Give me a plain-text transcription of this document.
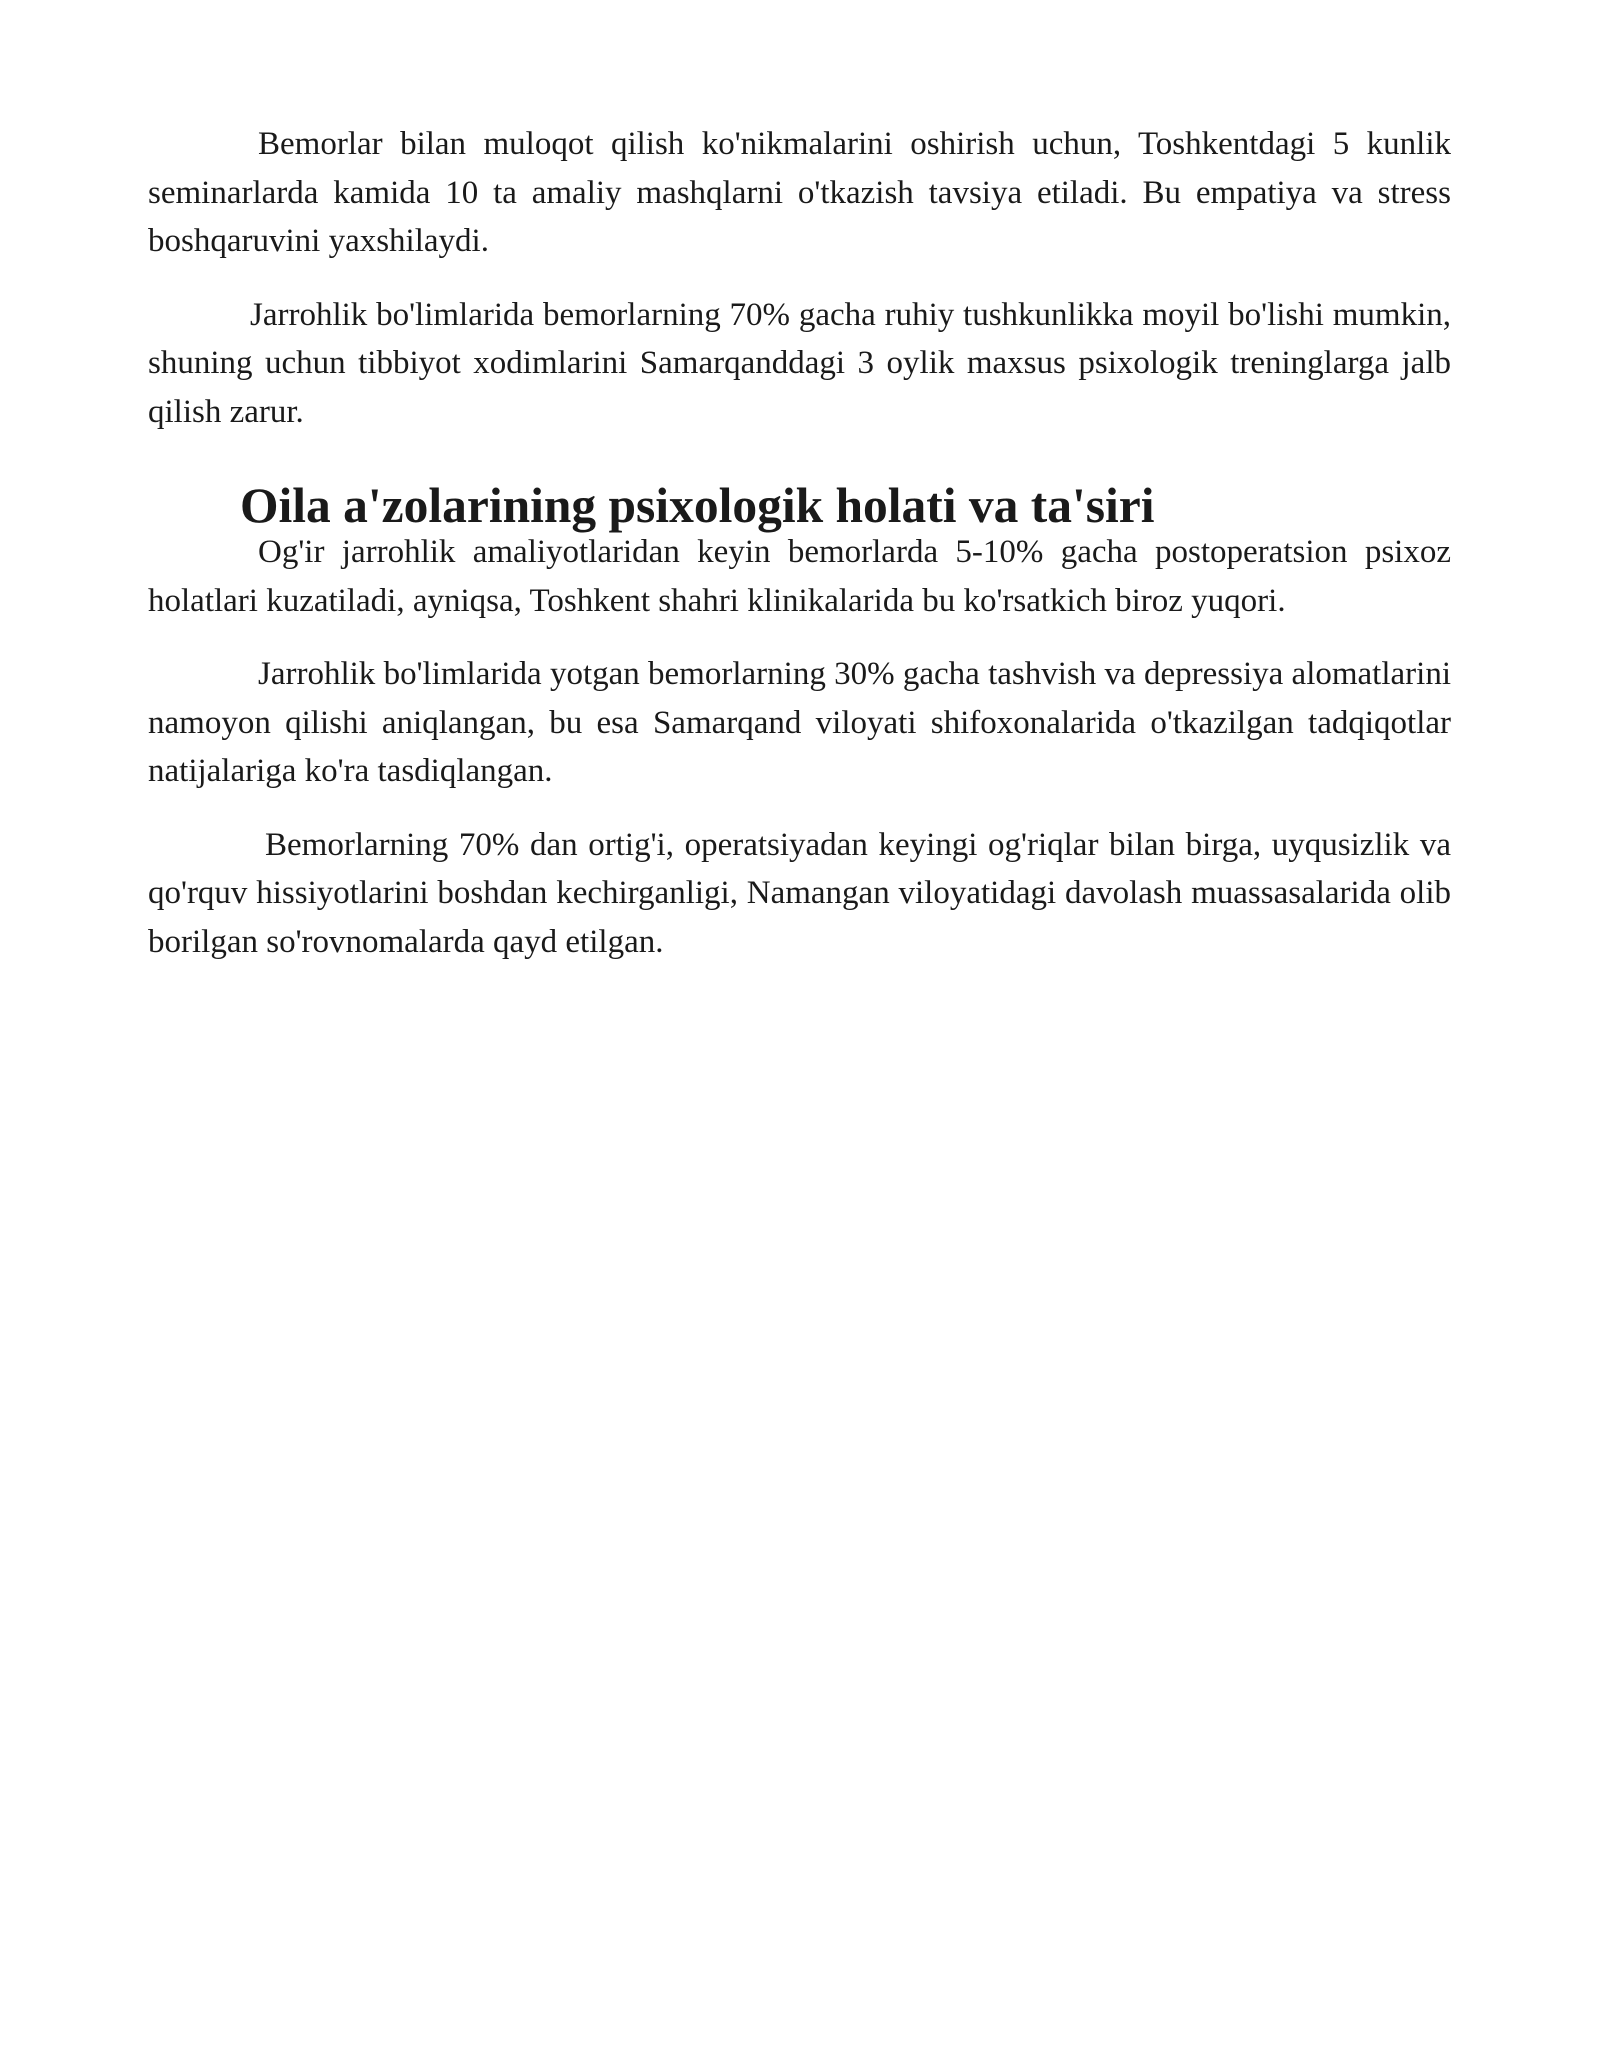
Bemorlar bilan muloqot qilish ko'nikmalarini oshirish uchun, Toshkentdagi 5 kunlik seminarlarda kamida 10 ta amaliy mashqlarni o'tkazish tavsiya etiladi. Bu empatiya va stress boshqaruvini yaxshilaydi.

Jarrohlik bo'limlarida bemorlarning 70% gacha ruhiy tushkunlikka moyil bo'lishi mumkin, shuning uchun tibbiyot xodimlarini Samarqanddagi 3 oylik maxsus psixologik treninglarga jalb qilish zarur.

Oila a'zolarining psixologik holati va ta'siri

Og'ir jarrohlik amaliyotlaridan keyin bemorlarda 5-10% gacha postoperatsion psixoz holatlari kuzatiladi, ayniqsa, Toshkent shahri klinikalarida bu ko'rsatkich biroz yuqori.

Jarrohlik bo'limlarida yotgan bemorlarning 30% gacha tashvish va depressiya alomatlarini namoyon qilishi aniqlangan, bu esa Samarqand viloyati shifoxonalarida o'tkazilgan tadqiqotlar natijalariga ko'ra tasdiqlangan.

Bemorlarning 70% dan ortig'i, operatsiyadan keyingi og'riqlar bilan birga, uyqusizlik va qo'rquv hissiyotlarini boshdan kechirganligi, Namangan viloyatidagi davolash muassasalarida olib borilgan so'rovnomalarda qayd etilgan.
